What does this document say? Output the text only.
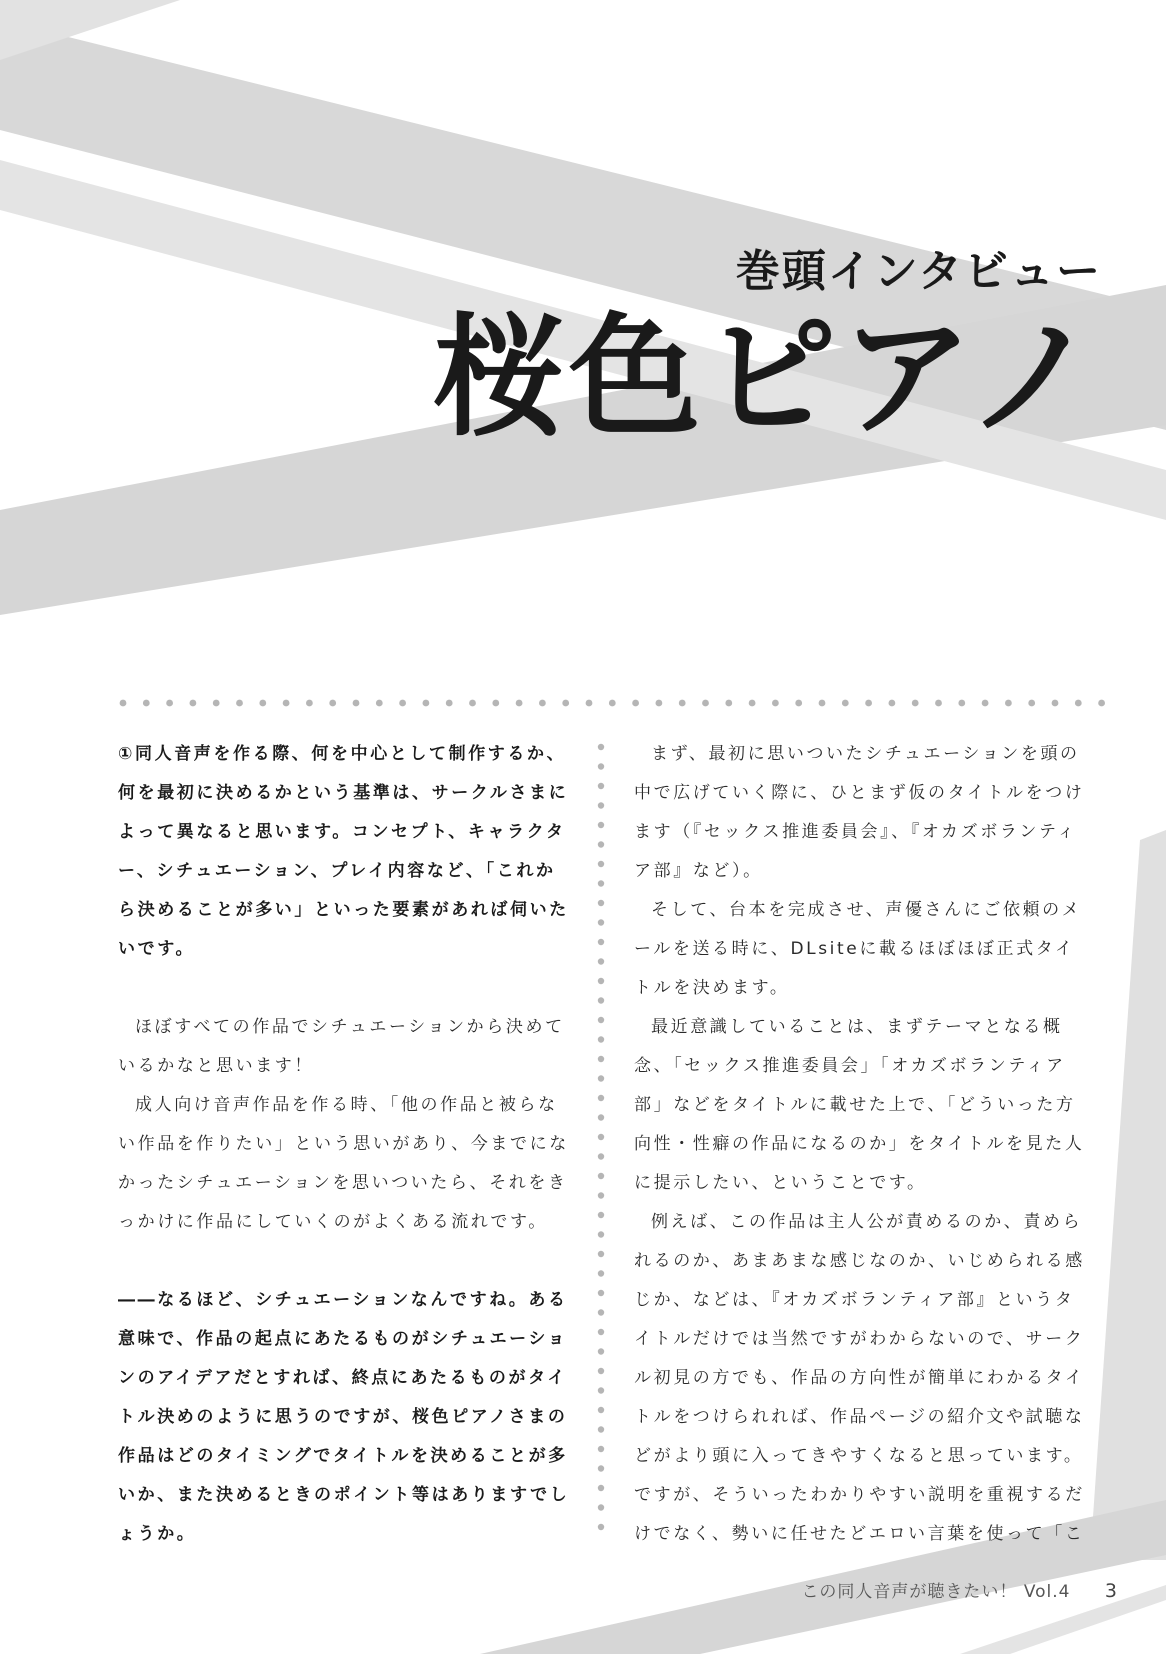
巻頭インタビュー
桜色ピアノ

①同人音声を作る際、何を中心として制作するか、何を最初に決めるかという基準は、サークルさまによって異なると思います。コンセプト、キャラクター、シチュエーション、プレイ内容など、「これから決めることが多い」といった要素があれば伺いたいです。

ほぼすべての作品でシチュエーションから決めているかなと思います！

成人向け音声作品を作る時、「他の作品と被らない作品を作りたい」という思いがあり、今までになかったシチュエーションを思いついたら、それをきっかけに作品にしていくのがよくある流れです。

――なるほど、シチュエーションなんですね。ある意味で、作品の起点にあたるものがシチュエーションのアイデアだとすれば、終点にあたるものがタイトル決めのように思うのですが、桜色ピアノさまの作品はどのタイミングでタイトルを決めることが多いか、また決めるときのポイント等はありますでしょうか。

まず、最初に思いついたシチュエーションを頭の中で広げていく際に、ひとまず仮のタイトルをつけます（『セックス推進委員会』、『オカズボランティア部』など）。

そして、台本を完成させ、声優さんにご依頼のメールを送る時に、DLsiteに載るほぼほぼ正式タイトルを決めます。

最近意識していることは、まずテーマとなる概念、「セックス推進委員会」「オカズボランティア部」などをタイトルに載せた上で、「どういった方向性・性癖の作品になるのか」をタイトルを見た人に提示したい、ということです。

例えば、この作品は主人公が責めるのか、責められるのか、あまあまな感じなのか、いじめられる感じか、などは、『オカズボランティア部』というタイトルだけでは当然ですがわからないので、サークル初見の方でも、作品の方向性が簡単にわかるタイトルをつけられれば、作品ページの紹介文や試聴などがより頭に入ってきやすくなると思っています。

ですが、そういったわかりやすい説明を重視するだけでなく、勢いに任せたどエロい言葉を使って「こ

この同人音声が聴きたい！ Vol.4 3
